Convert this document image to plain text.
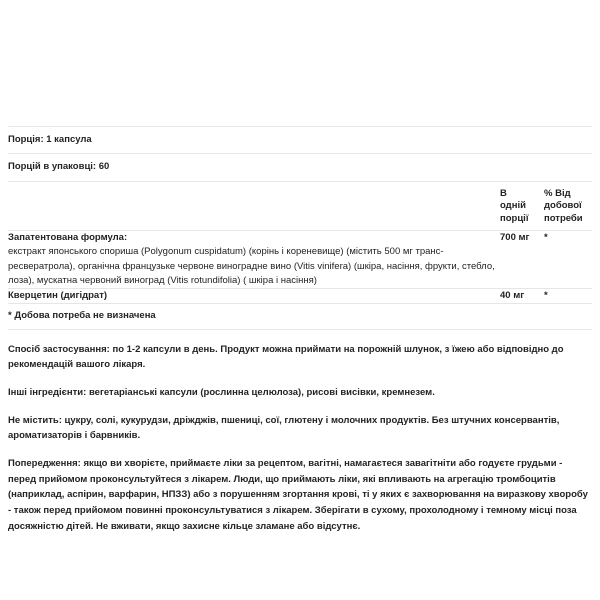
Порція: 1 капсула		
Порцій в упаковці: 60		
	В
одній
порції	% Від
добової
потреби

Запатентована формула:
екстракт японського спориша (Polygonum cuspidatum) (корінь і кореневище) (містить 500 мг транс-ресвератрола), органічна французьке червоне виноградне вино (Vitis vinifera) (шкіра, насіння, фрукти, стебло, лоза), мускатна червоний виноград (Vitis rotundifolia) ( шкіра і насіння)	700 мг	*
Кверцетин (дигідрат)	40 мг	*
* Добова потреба не визначена		

Спосіб застосування: по 1-2 капсули в день. Продукт можна приймати на порожній шлунок, з їжею або відповідно до рекомендацій вашого лікаря.

Інші інгредієнти: вегетаріанські капсули (рослинна целюлоза), рисові висівки, кремнезем.

Не містить: цукру, солі, кукурудзи, дріжджів, пшениці, сої, глютену і молочних продуктів. Без штучних консервантів, ароматизаторів і барвників.

Попередження: якщо ви хворієте, приймаєте ліки за рецептом, вагітні, намагаєтеся завагітніти або годуєте грудьми - перед прийомом проконсультуйтеся з лікарем. Люди, що приймають ліки, які впливають на агрегацію тромбоцитів (наприклад, аспірин, варфарин, НПЗЗ) або з порушенням згортання крові, ті у яких є захворювання на виразкову хворобу - також перед прийомом повинні проконсультуватися з лікарем. Зберігати в сухому, прохолодному і темному місці поза досяжністю дітей. Не вживати, якщо захисне кільце зламане або відсутнє.
